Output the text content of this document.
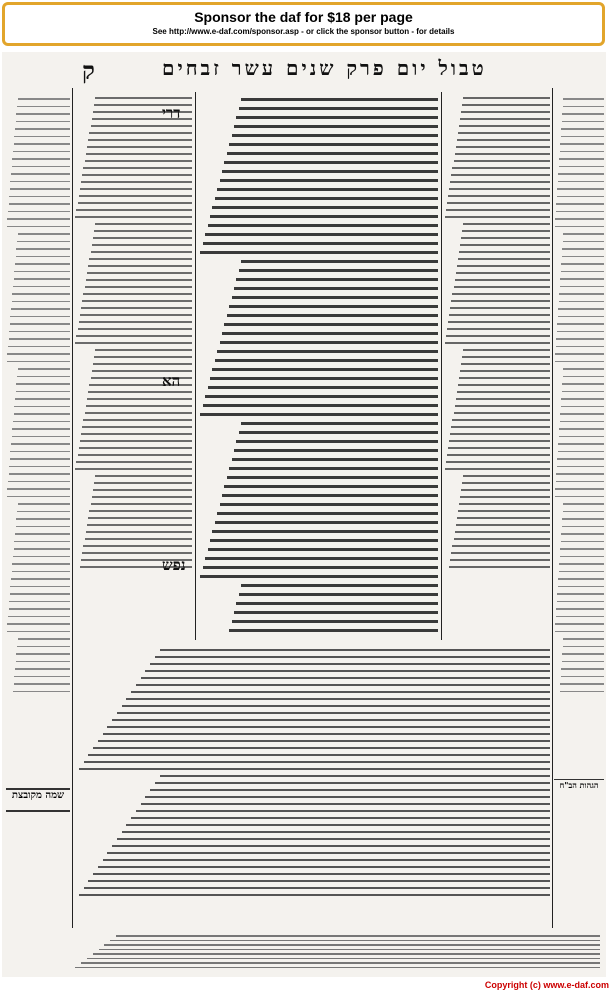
Sponsor the daf for $18 per page
See http://www.e-daf.com/sponsor.asp - or click the sponsor button - for details
ק	טבול יום פרק שנים עשר זבחים
שמה מקובצת
הגהות הב"ח
דרי
הא
נפש
Copyright (c) www.e-daf.com
